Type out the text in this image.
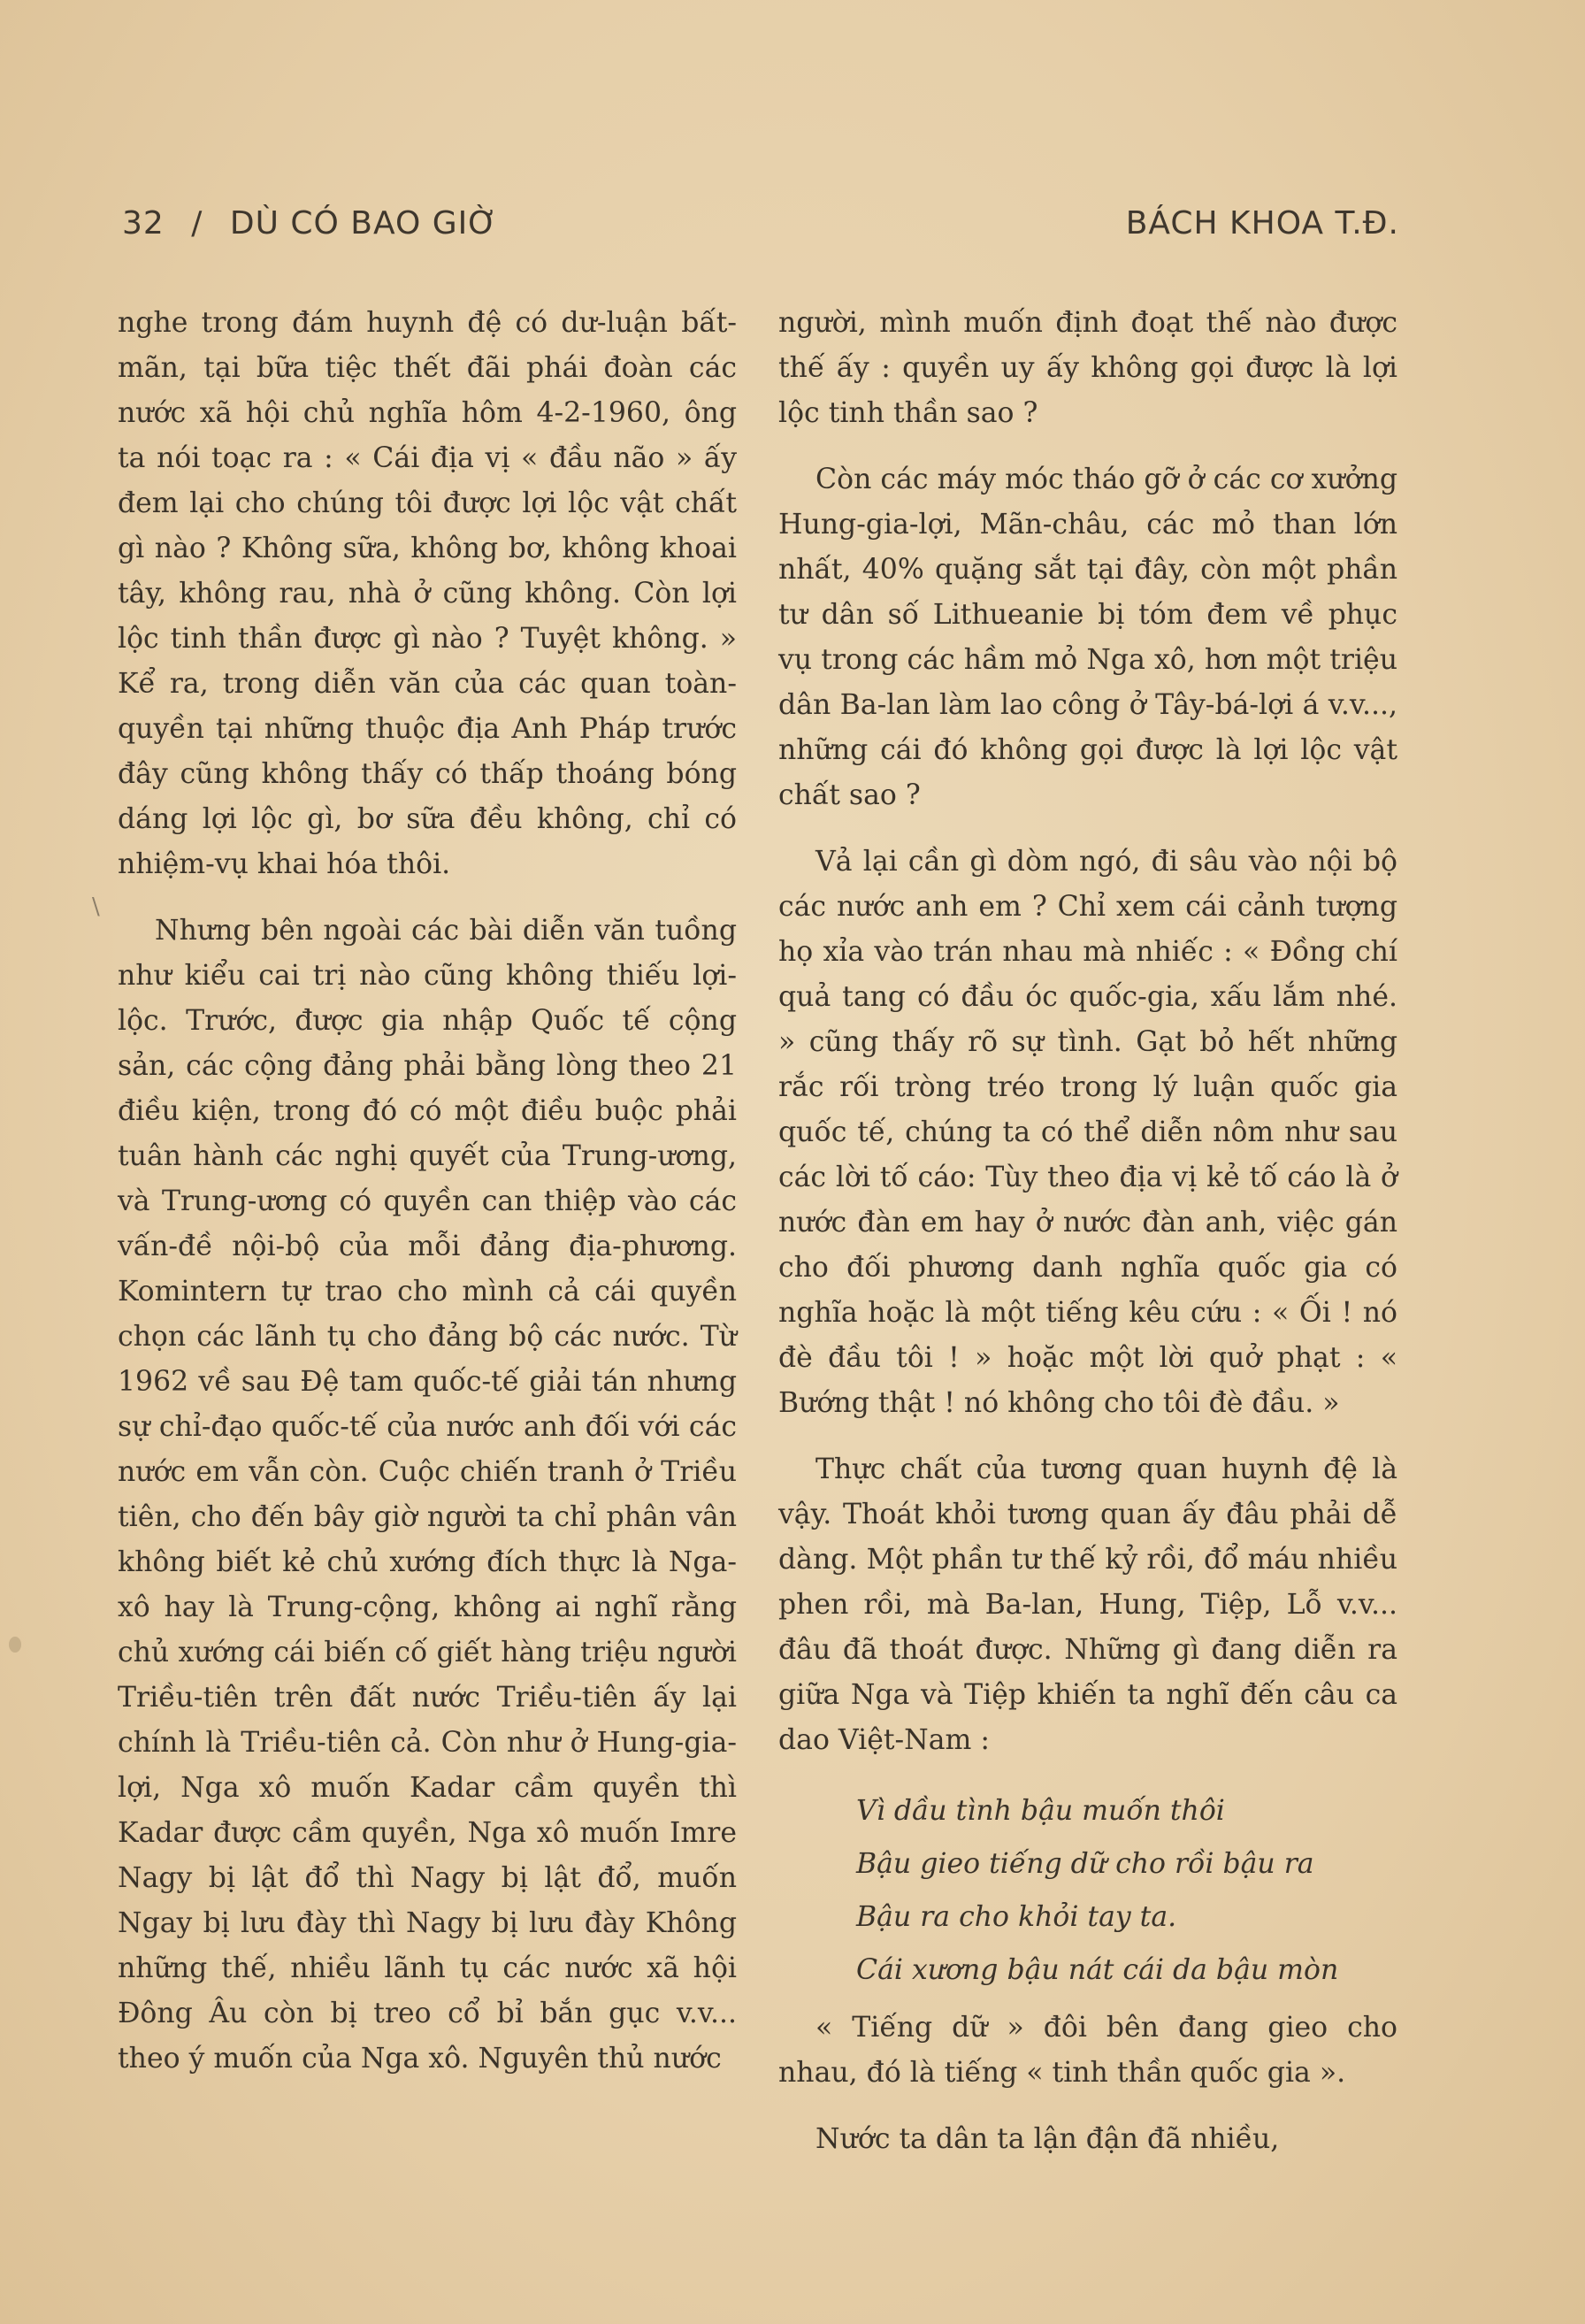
32 / DÙ CÓ BAO GIỜ	BÁCH KHOA T.Đ.
\

nghe trong đám huynh đệ có dư-luận bất-mãn, tại bữa tiệc thết đãi phái đoàn các nước xã hội chủ nghĩa hôm 4-2-1960, ông ta nói toạc ra : « Cái địa vị « đầu não » ấy đem lại cho chúng tôi được lợi lộc vật chất gì nào ? Không sữa, không bơ, không khoai tây, không rau, nhà ở cũng không. Còn lợi lộc tinh thần được gì nào ? Tuyệt không. » Kể ra, trong diễn văn của các quan toàn-quyền tại những thuộc địa Anh Pháp trước đây cũng không thấy có thấp thoáng bóng dáng lợi lộc gì, bơ sữa đều không, chỉ có nhiệm-vụ khai hóa thôi.

Nhưng bên ngoài các bài diễn văn tuồng như kiểu cai trị nào cũng không thiếu lợi-lộc. Trước, được gia nhập Quốc tế cộng sản, các cộng đảng phải bằng lòng theo 21 điều kiện, trong đó có một điều buộc phải tuân hành các nghị quyết của Trung-ương, và Trung-ương có quyền can thiệp vào các vấn-đề nội-bộ của mỗi đảng địa-phương. Komintern tự trao cho mình cả cái quyền chọn các lãnh tụ cho đảng bộ các nước. Từ 1962 về sau Đệ tam quốc-tế giải tán nhưng sự chỉ-đạo quốc-tế của nước anh đối với các nước em vẫn còn. Cuộc chiến tranh ở Triều tiên, cho đến bây giờ người ta chỉ phân vân không biết kẻ chủ xướng đích thực là Nga-xô hay là Trung-cộng, không ai nghĩ rằng chủ xướng cái biến cố giết hàng triệu người Triều-tiên trên đất nước Triều-tiên ấy lại chính là Triều-tiên cả. Còn như ở Hung-gia-lợi, Nga xô muốn Kadar cầm quyền thì Kadar được cầm quyền, Nga xô muốn Imre Nagy bị lật đổ thì Nagy bị lật đổ, muốn Ngay bị lưu đày thì Nagy bị lưu đày Không những thế, nhiều lãnh tụ các nước xã hội Đông Âu còn bị treo cổ bỉ bắn gục v.v... theo ý muốn của Nga xô. Nguyên thủ nước

người, mình muốn định đoạt thế nào được thế ấy : quyền uy ấy không gọi được là lợi lộc tinh thần sao ?

Còn các máy móc tháo gỡ ở các cơ xưởng Hung-gia-lợi, Mãn-châu, các mỏ than lớn nhất, 40% quặng sắt tại đây, còn một phần tư dân số Lithueanie bị tóm đem về phục vụ trong các hầm mỏ Nga xô, hơn một triệu dân Ba-lan làm lao công ở Tây-bá-lợi á v.v..., những cái đó không gọi được là lợi lộc vật chất sao ?

Vả lại cần gì dòm ngó, đi sâu vào nội bộ các nước anh em ? Chỉ xem cái cảnh tượng họ xỉa vào trán nhau mà nhiếc : « Đồng chí quả tang có đầu óc quốc-gia, xấu lắm nhé. » cũng thấy rõ sự tình. Gạt bỏ hết những rắc rối tròng tréo trong lý luận quốc gia quốc tế, chúng ta có thể diễn nôm như sau các lời tố cáo: Tùy theo địa vị kẻ tố cáo là ở nước đàn em hay ở nước đàn anh, việc gán cho đối phương danh nghĩa quốc gia có nghĩa hoặc là một tiếng kêu cứu : « Ối ! nó đè đầu tôi ! » hoặc một lời quở phạt : « Bướng thật ! nó không cho tôi đè đầu. »

Thực chất của tương quan huynh đệ là vậy. Thoát khỏi tương quan ấy đâu phải dễ dàng. Một phần tư thế kỷ rồi, đổ máu nhiều phen rồi, mà Ba-lan, Hung, Tiệp, Lỗ v.v... đâu đã thoát được. Những gì đang diễn ra giữa Nga và Tiệp khiến ta nghĩ đến câu ca dao Việt-Nam :

Vì dầu tình bậu muốn thôi
Bậu gieo tiếng dữ cho rồi bậu ra
Bậu ra cho khỏi tay ta.
Cái xương bậu nát cái da bậu mòn

« Tiếng dữ » đôi bên đang gieo cho nhau, đó là tiếng « tinh thần quốc gia ».

Nước ta dân ta lận đận đã nhiều,
